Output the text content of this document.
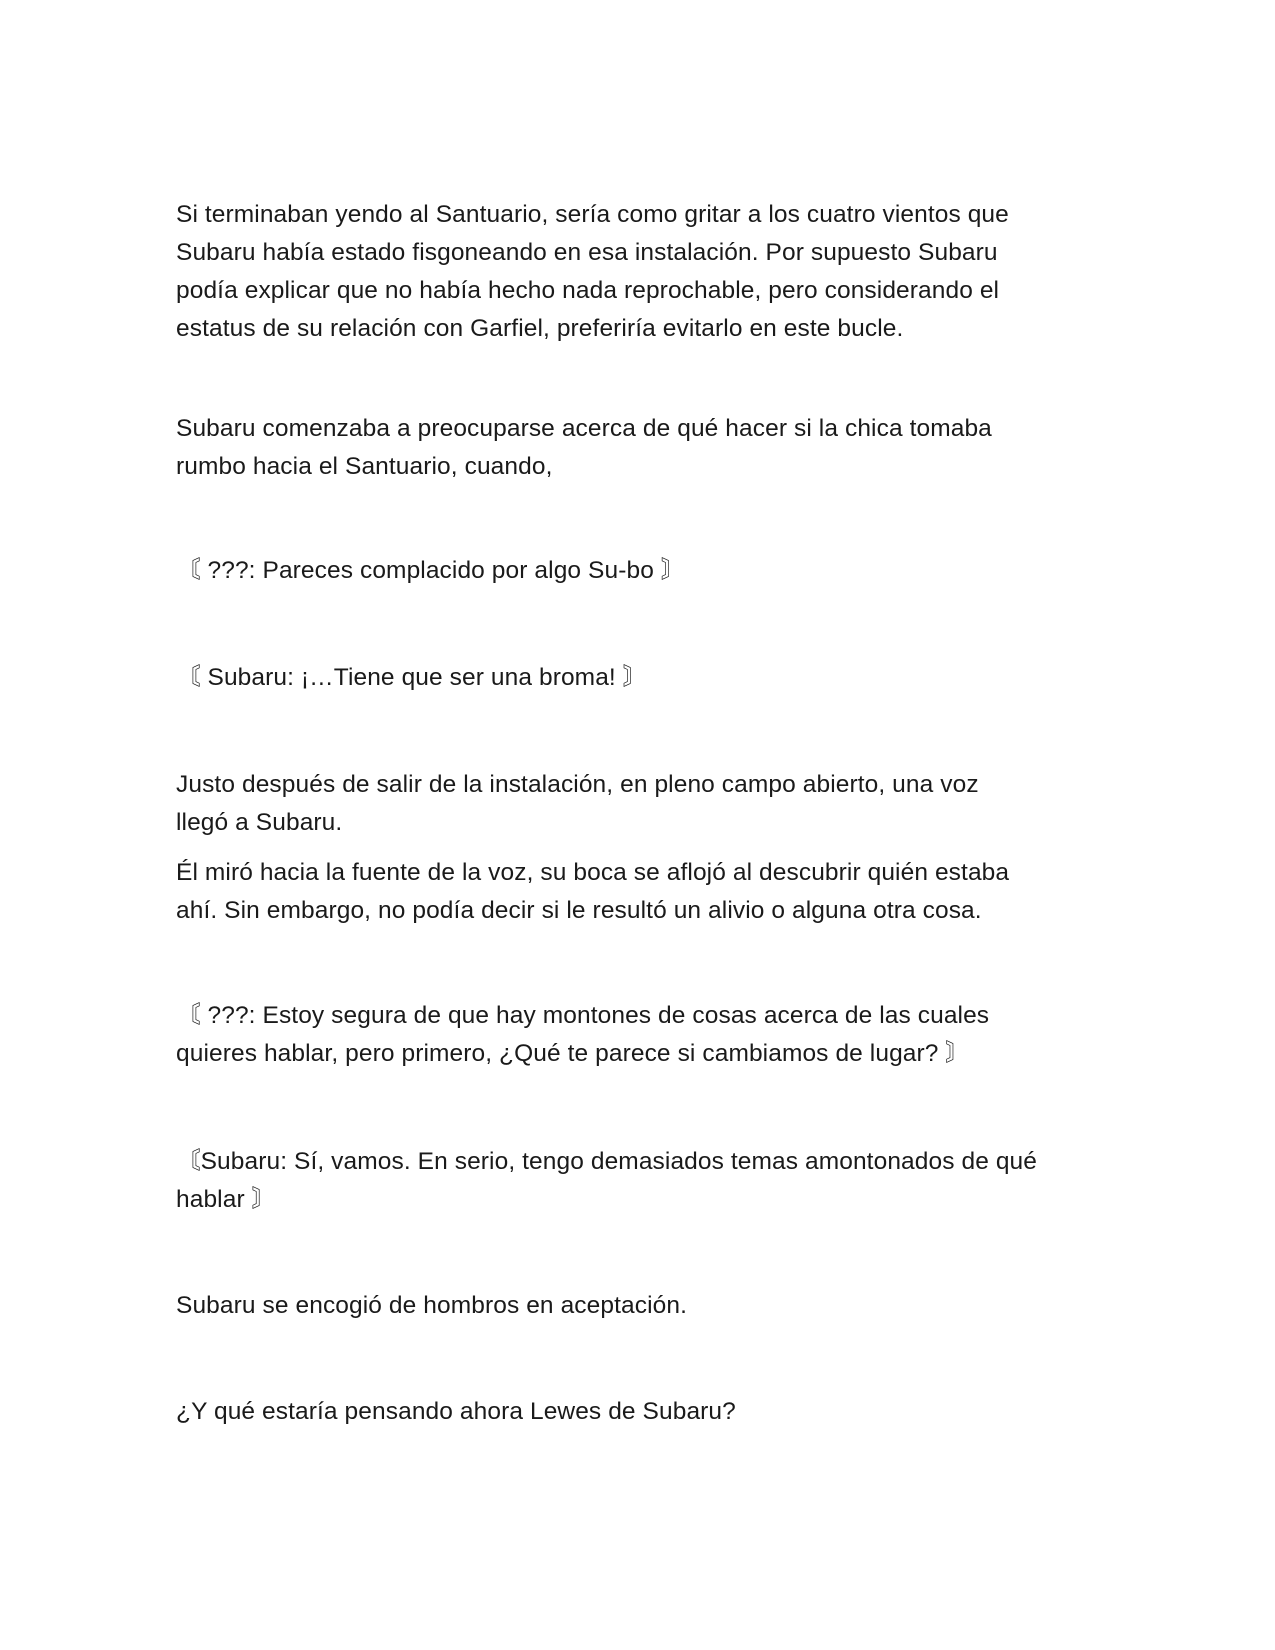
Si terminaban yendo al Santuario, sería como gritar a los cuatro vientos que
Subaru había estado fisgoneando en esa instalación. Por supuesto Subaru
podía explicar que no había hecho nada reprochable, pero considerando el
estatus de su relación con Garfiel, preferiría evitarlo en este bucle.

Subaru comenzaba a preocuparse acerca de qué hacer si la chica tomaba
rumbo hacia el Santuario, cuando,

〘 ???: Pareces complacido por algo Su-bo 〙

〘 Subaru: ¡…Tiene que ser una broma! 〙

Justo después de salir de la instalación, en pleno campo abierto, una voz
llegó a Subaru.

Él miró hacia la fuente de la voz, su boca se aflojó al descubrir quién estaba
ahí. Sin embargo, no podía decir si le resultó un alivio o alguna otra cosa.

〘 ???: Estoy segura de que hay montones de cosas acerca de las cuales
quieres hablar, pero primero, ¿Qué te parece si cambiamos de lugar? 〙

〘Subaru: Sí, vamos. En serio, tengo demasiados temas amontonados de qué
hablar 〙

Subaru se encogió de hombros en aceptación.

¿Y qué estaría pensando ahora Lewes de Subaru?
